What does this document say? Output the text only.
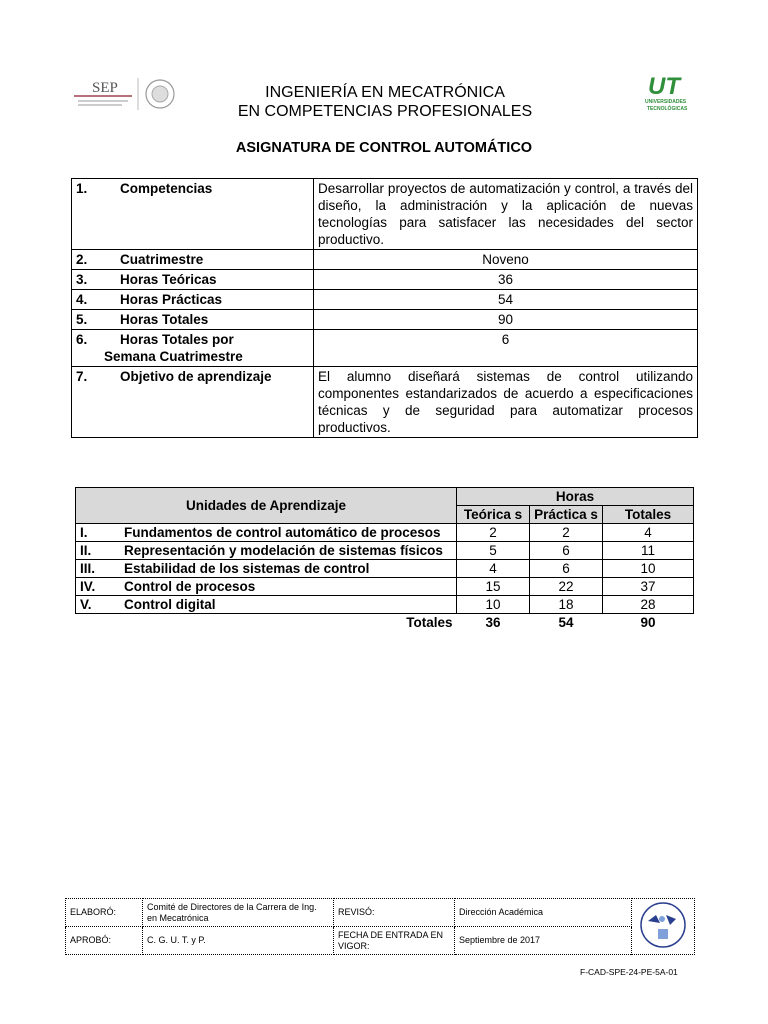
SEP	INGENIERÍA EN MECATRÓNICA
EN COMPETENCIAS PROFESIONALES
UT
UNIVERSIDADES
TECNOLÓGICAS
ASIGNATURA DE CONTROL AUTOMÁTICO
1. Competencias	Desarrollar proyectos de automatización y control, a través del diseño, la administración y la aplicación de nuevas tecnologías para satisfacer las necesidades del sector productivo.
2. Cuatrimestre	Noveno
3. Horas Teóricas	36
4. Horas Prácticas	54
5. Horas Totales	90
6. Horas Totales por
Semana Cuatrimestre	6
7. Objetivo de aprendizaje	El alumno diseñará sistemas de control utilizando componentes estandarizados de acuerdo a especificaciones técnicas y de seguridad para automatizar procesos productivos.
Unidades de Aprendizaje	Horas		
	Teórica s	Práctica s	Totales
I. Fundamentos de control automático de procesos	2	2	4
II. Representación y modelación de sistemas físicos	5	6	11
III. Estabilidad de los sistemas de control	4	6	10
IV. Control de procesos	15	22	37
V. Control digital	10	18	28
Totales	36	54	90
ELABORÓ:	Comité de Directores de la Carrera de Ing. en Mecatrónica	REVISÓ:	Dirección Académica	
APROBÓ:	C. G. U. T. y P.	FECHA DE ENTRADA EN VIGOR:	Septiembre de 2017	
F-CAD-SPE-24-PE-5A-01
